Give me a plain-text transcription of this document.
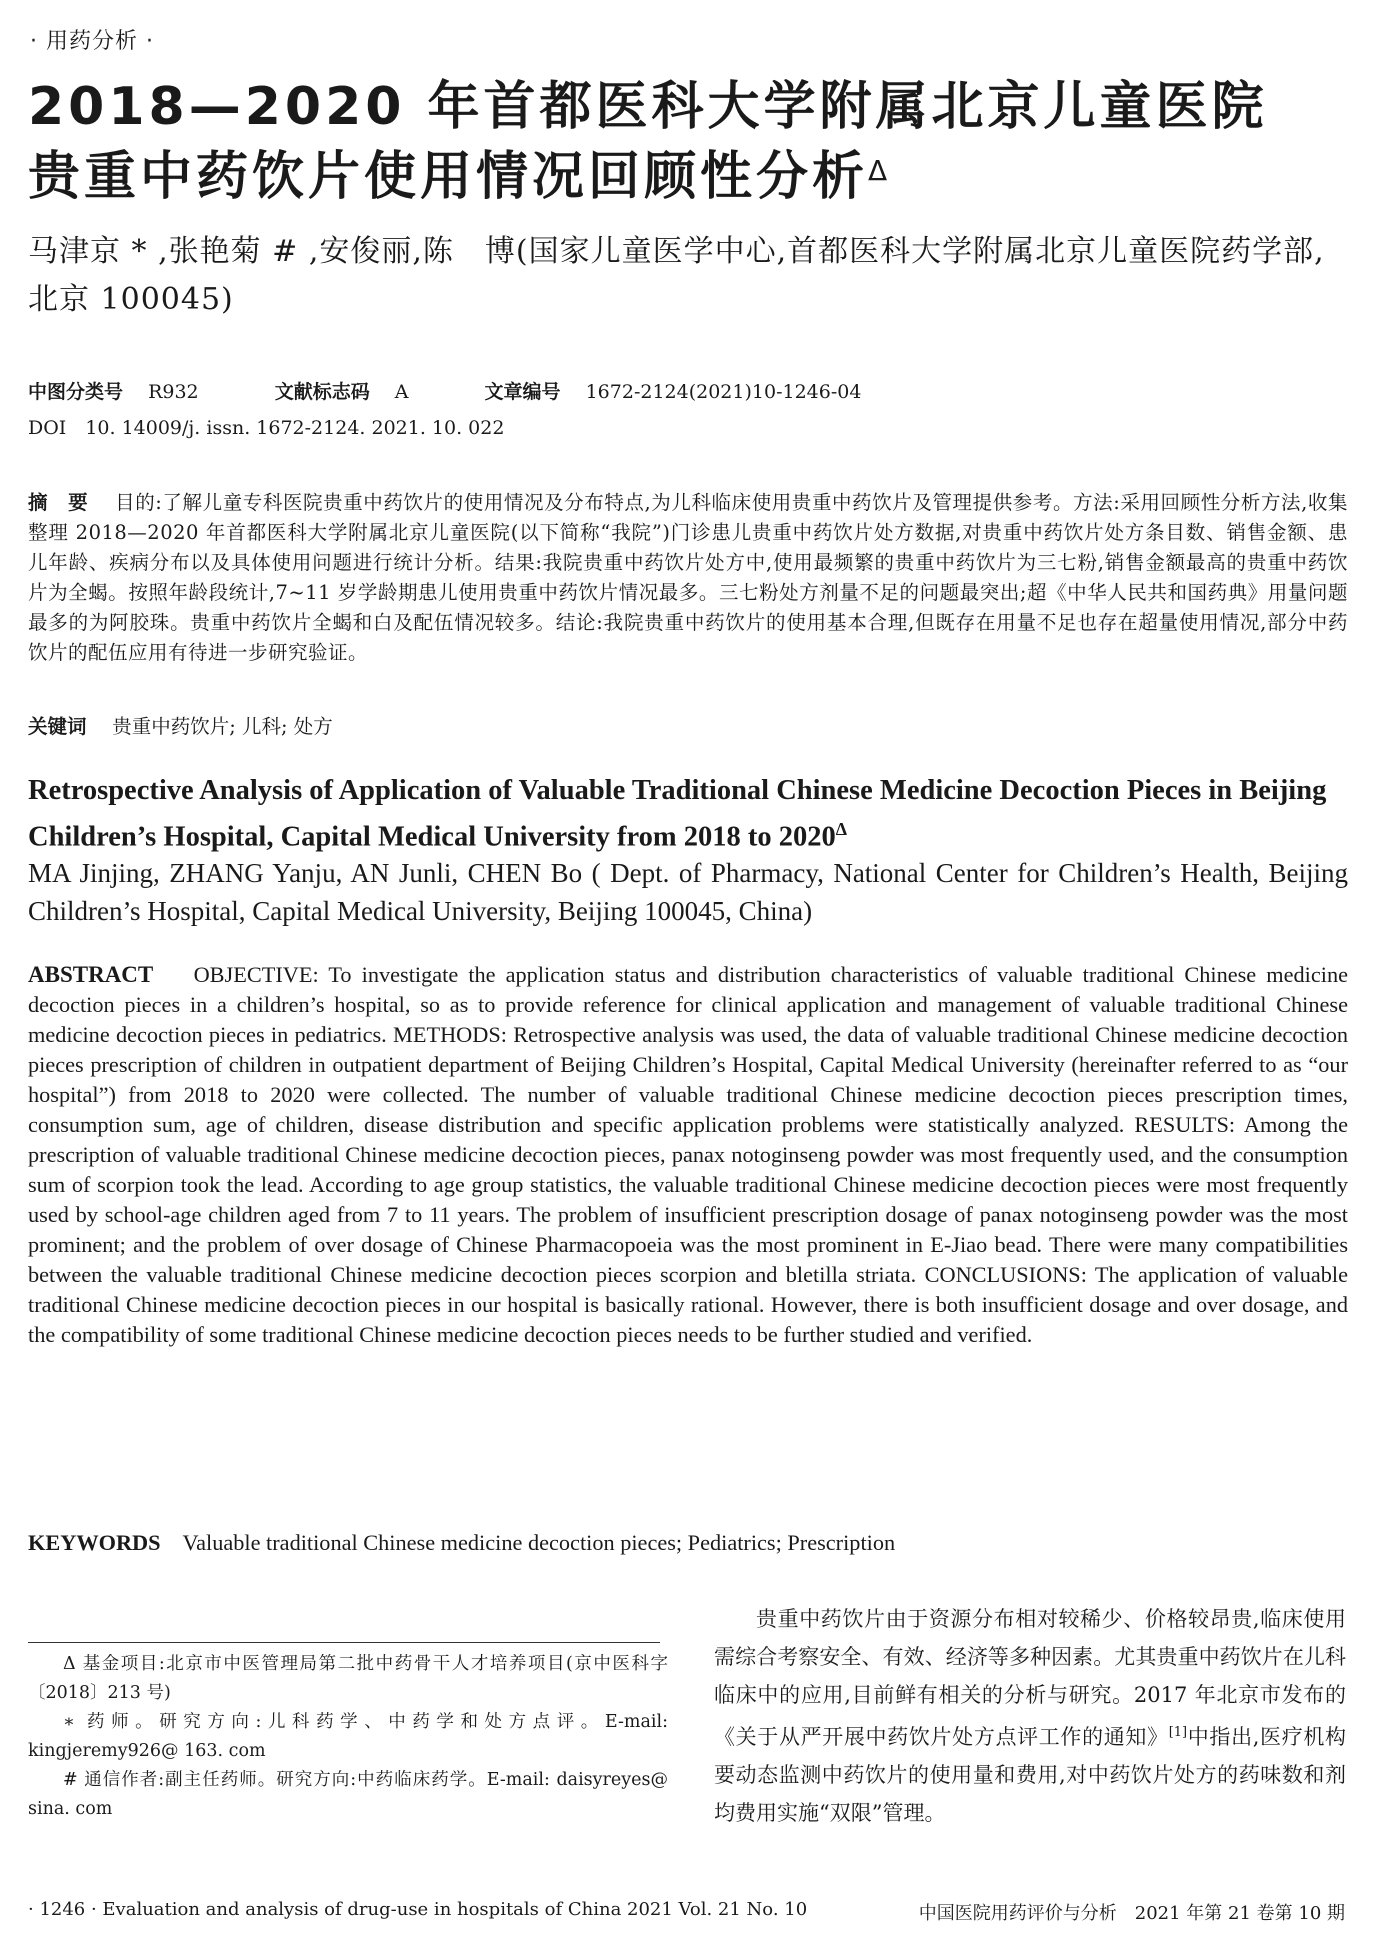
· 用药分析 ·
2018—2020 年首都医科大学附属北京儿童医院
贵重中药饮片使用情况回顾性分析$^\Delta$
马津京 * ,张艳菊 # ,安俊丽,陈　博(国家儿童医学中心,首都医科大学附属北京儿童医院药学部,北京 100045)
中图分类号　 R932	文献标志码　 A	文章编号　 1672-2124(2021)10-1246-04
DOI　10. 14009/j. issn. 1672-2124. 2021. 10. 022
摘　要　 目的:了解儿童专科医院贵重中药饮片的使用情况及分布特点,为儿科临床使用贵重中药饮片及管理提供参考。方法:采用回顾性分析方法,收集整理 2018—2020 年首都医科大学附属北京儿童医院(以下简称“我院”)门诊患儿贵重中药饮片处方数据,对贵重中药饮片处方条目数、销售金额、患儿年龄、疾病分布以及具体使用问题进行统计分析。结果:我院贵重中药饮片处方中,使用最频繁的贵重中药饮片为三七粉,销售金额最高的贵重中药饮片为全蝎。按照年龄段统计,7~11 岁学龄期患儿使用贵重中药饮片情况最多。三七粉处方剂量不足的问题最突出;超《中华人民共和国药典》用量问题最多的为阿胶珠。贵重中药饮片全蝎和白及配伍情况较多。结论:我院贵重中药饮片的使用基本合理,但既存在用量不足也存在超量使用情况,部分中药饮片的配伍应用有待进一步研究验证。
关键词　 贵重中药饮片; 儿科; 处方
Retrospective Analysis of Application of Valuable Traditional Chinese Medicine Decoction Pieces in Beijing Children’s Hospital, Capital Medical University from 2018 to $2020^\Delta$
MA Jinjing, ZHANG Yanju, AN Junli, CHEN Bo ( Dept. of Pharmacy, National Center for Children’s Health, Beijing Children’s Hospital, Capital Medical University, Beijing 100045, China)
ABSTRACT OBJECTIVE: To investigate the application status and distribution characteristics of valuable traditional Chinese medicine decoction pieces in a children’s hospital, so as to provide reference for clinical application and management of valuable traditional Chinese medicine decoction pieces in pediatrics. METHODS: Retrospective analysis was used, the data of valuable traditional Chinese medicine decoction pieces prescription of children in outpatient department of Beijing Children’s Hospital, Capital Medical University (hereinafter referred to as “our hospital”) from 2018 to 2020 were collected. The number of valuable traditional Chinese medicine decoction pieces prescription times, consumption sum, age of children, disease distribution and specific application problems were statistically analyzed. RESULTS: Among the prescription of valuable traditional Chinese medicine decoction pieces, panax notoginseng powder was most frequently used, and the consumption sum of scorpion took the lead. According to age group statistics, the valuable traditional Chinese medicine decoction pieces were most frequently used by school-age children aged from 7 to 11 years. The problem of insufficient prescription dosage of panax notoginseng powder was the most prominent; and the problem of over dosage of Chinese Pharmacopoeia was the most prominent in E-Jiao bead. There were many compatibilities between the valuable traditional Chinese medicine decoction pieces scorpion and bletilla striata. CONCLUSIONS: The application of valuable traditional Chinese medicine decoction pieces in our hospital is basically rational. However, there is both insufficient dosage and over dosage, and the compatibility of some traditional Chinese medicine decoction pieces needs to be further studied and verified.
KEYWORDS Valuable traditional Chinese medicine decoction pieces; Pediatrics; Prescription

Δ 基金项目:北京市中医管理局第二批中药骨干人才培养项目(京中医科字〔2018〕213 号)

∗ 药师。研究方向:儿科药学、中药学和处方点评。E-mail: kingjeremy926@ 163. com

# 通信作者:副主任药师。研究方向:中药临床药学。E-mail: daisyreyes@ sina. com

贵重中药饮片由于资源分布相对较稀少、价格较昂贵,临床使用需综合考察安全、有效、经济等多种因素。尤其贵重中药饮片在儿科临床中的应用,目前鲜有相关的分析与研究。2017 年北京市发布的《关于从严开展中药饮片处方点评工作的通知》[1]中指出,医疗机构要动态监测中药饮片的使用量和费用,对中药饮片处方的药味数和剂均费用实施“双限”管理。

· 1246 · Evaluation and analysis of drug-use in hospitals of China 2021 Vol. 21 No. 10	中国医院用药评价与分析　2021 年第 21 卷第 10 期
